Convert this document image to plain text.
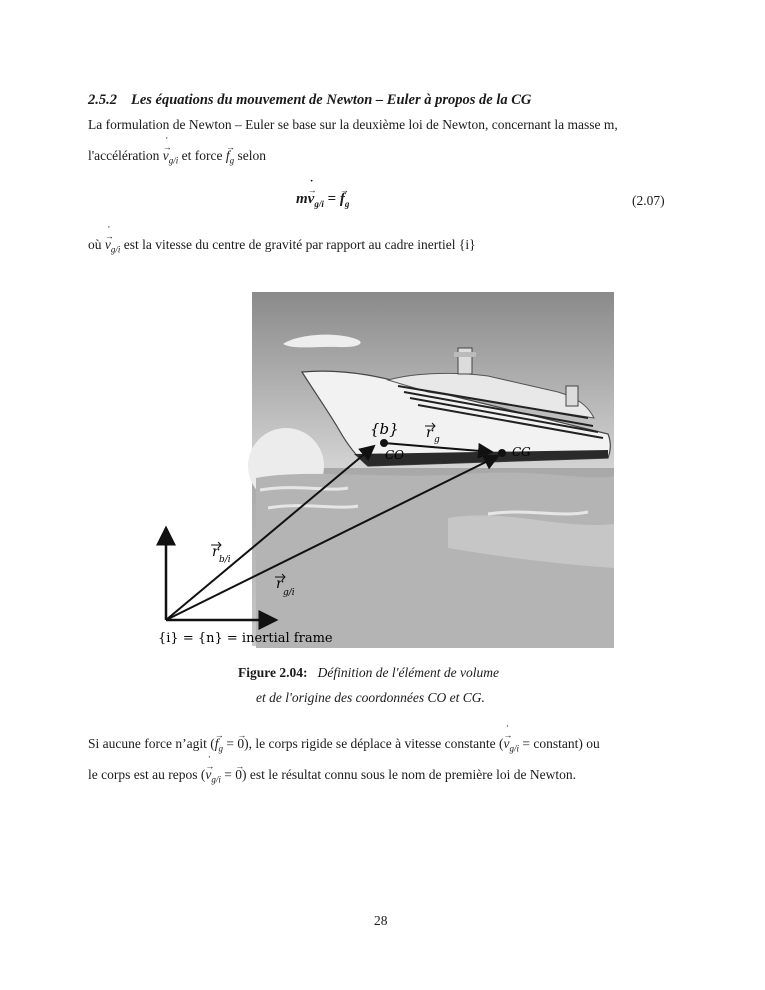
2.5.2 Les équations du mouvement de Newton – Euler à propos de la CG
La formulation de Newton – Euler se base sur la deuxième loi de Newton, concernant la masse m,
l'accélération → v $˙_{g/i}$ et force → $f_g$ selon
m→ v $˙_{g/i}$ = → $f_g$	(2.07)
où → v $˙_{g/i}$ est la vitesse du centre de gravité par rapport au cadre inertiel {i}
{b}
CO	CG
r g
r b/i
r
g/i
{i} = {n} = inertial frame
Figure 2.04: Définition de l'élément de volume
et de l'origine des coordonnées CO et CG.
Si aucune force n’agit (→ $f_g$ = → 0), le corps rigide se déplace à vitesse constante (→ v $˙_{g/i}$ = constant) ou
le corps est au repos (→ v $˙_{g/i}$ = → 0) est le résultat connu sous le nom de première loi de Newton.
28
